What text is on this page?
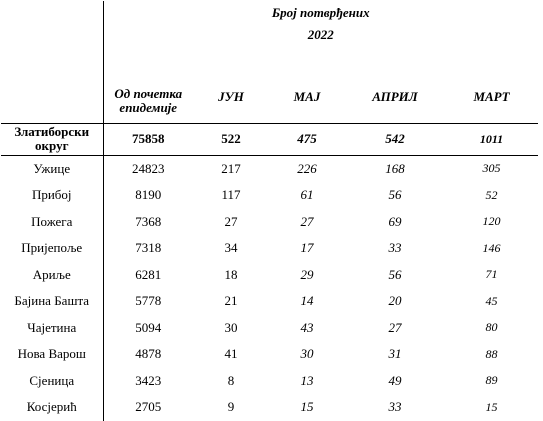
	Број потврђених				
	2022				
	Од почетка епидемије	ЈУН	МАЈ	АПРИЛ	МАРТ
Златиборски округ	75858	522	475	542	1011
Ужице	24823	217	226	168	305
Прибој	8190	117	61	56	52
Пожега	7368	27	27	69	120
Пријепоље	7318	34	17	33	146
Ариље	6281	18	29	56	71
Бајина Башта	5778	21	14	20	45
Чајетина	5094	30	43	27	80
Нова Варош	4878	41	30	31	88
Сјеница	3423	8	13	49	89
Косјерић	2705	9	15	33	15
